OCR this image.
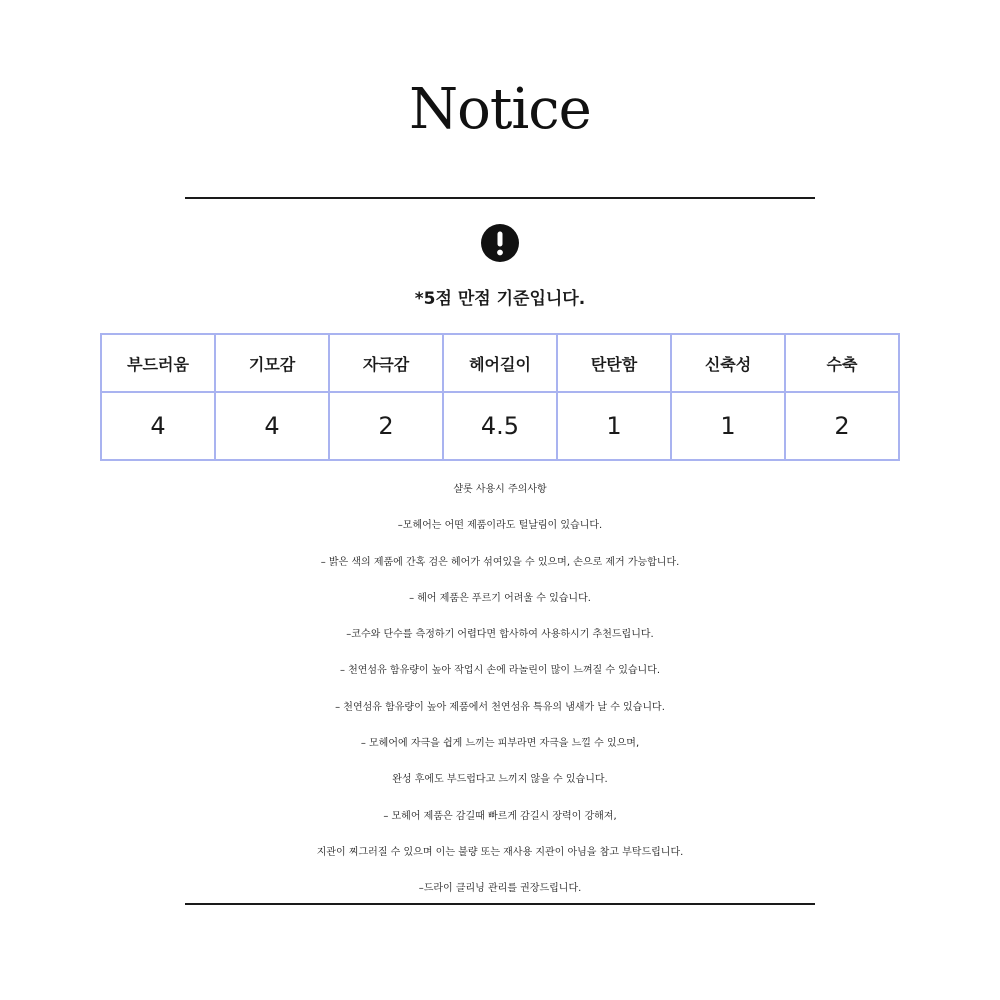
Notice
*5점 만점 기준입니다.
부드러움	기모감	자극감	헤어길이	탄탄함	신축성	수축
4	4	2	4.5	1	1	2
샬롯 사용시 주의사항
–모헤어는 어떤 제품이라도 털날림이 있습니다.
– 밝은 색의 제품에 간혹 검은 헤어가 섞여있을 수 있으며, 손으로 제거 가능합니다.
– 헤어 제품은 푸르기 어려울 수 있습니다.
–코수와 단수를 측정하기 어렵다면 합사하여 사용하시기 추천드립니다.
– 천연섬유 함유량이 높아 작업시 손에 라놀린이 많이 느껴질 수 있습니다.
– 천연섬유 함유량이 높아 제품에서 천연섬유 특유의 냄새가 날 수 있습니다.
– 모헤어에 자극을 쉽게 느끼는 피부라면 자극을 느낄 수 있으며,
완성 후에도 부드럽다고 느끼지 않을 수 있습니다.
– 모헤어 제품은 감길때 빠르게 감길시 장력이 강해져,
지관이 찌그러질 수 있으며 이는 불량 또는 재사용 지관이 아님을 참고 부탁드립니다.
–드라이 클리닝 관리를 권장드립니다.
